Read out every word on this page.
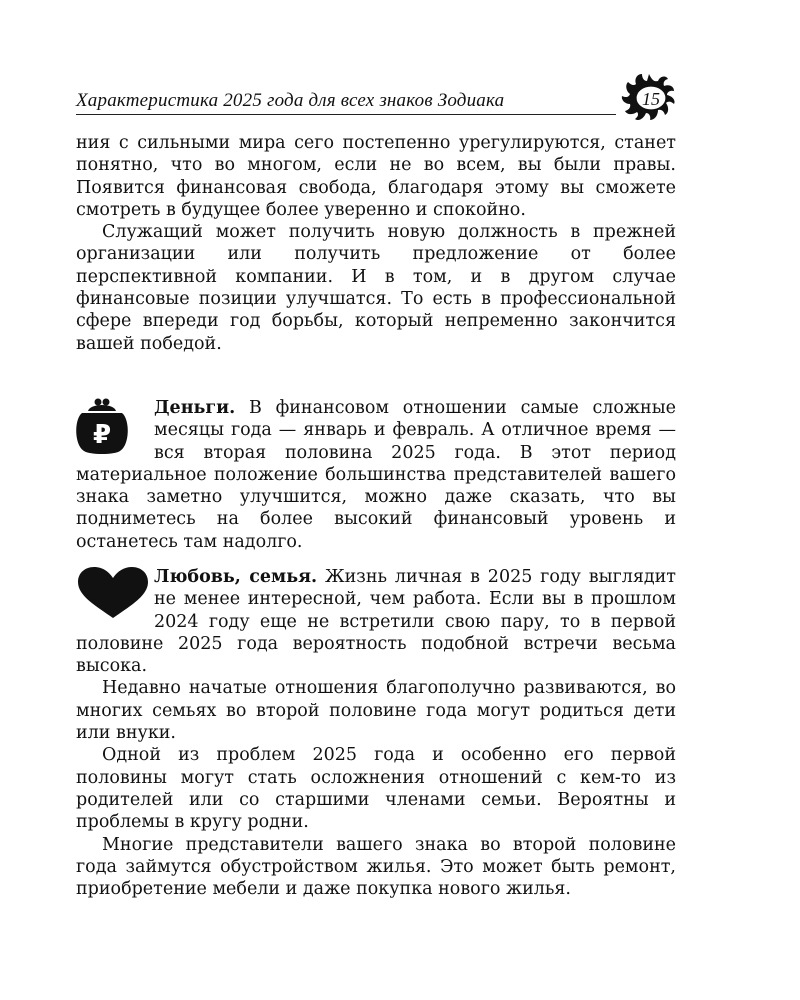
Характеристика 2025 года для всех знаков Зодиака	15

ния с сильными мира сего постепенно урегулируются, станет понятно, что во многом, если не во всем, вы были правы. Появится финансовая свобода, благодаря этому вы сможете смотреть в будущее более уверенно и спокойно.

Служащий может получить новую должность в прежней организации или получить предложение от более перспективной компании. И в том, и в другом случае финансовые позиции улучшатся. То есть в профессиональной сфере впереди год борьбы, который непременно закончится вашей победой.

₽
Деньги. В финансовом отношении самые сложные месяцы года — январь и февраль. А отличное время — вся вторая половина 2025 года. В этот период материальное положение большинства представителей вашего знака заметно улучшится, можно даже сказать, что вы подниметесь на более высокий финансовый уровень и останетесь там надолго.

Любовь, семья. Жизнь личная в 2025 году выглядит не менее интересной, чем работа. Если вы в прошлом 2024 году еще не встретили свою пару, то в первой половине 2025 года вероятность подобной встречи весьма высока.

Недавно начатые отношения благополучно развиваются, во многих семьях во второй половине года могут родиться дети или внуки.

Одной из проблем 2025 года и особенно его первой половины могут стать осложнения отношений с кем-то из родителей или со старшими членами семьи. Вероятны и проблемы в кругу родни.

Многие представители вашего знака во второй половине года займутся обустройством жилья. Это может быть ремонт, приобретение мебели и даже покупка нового жилья.
